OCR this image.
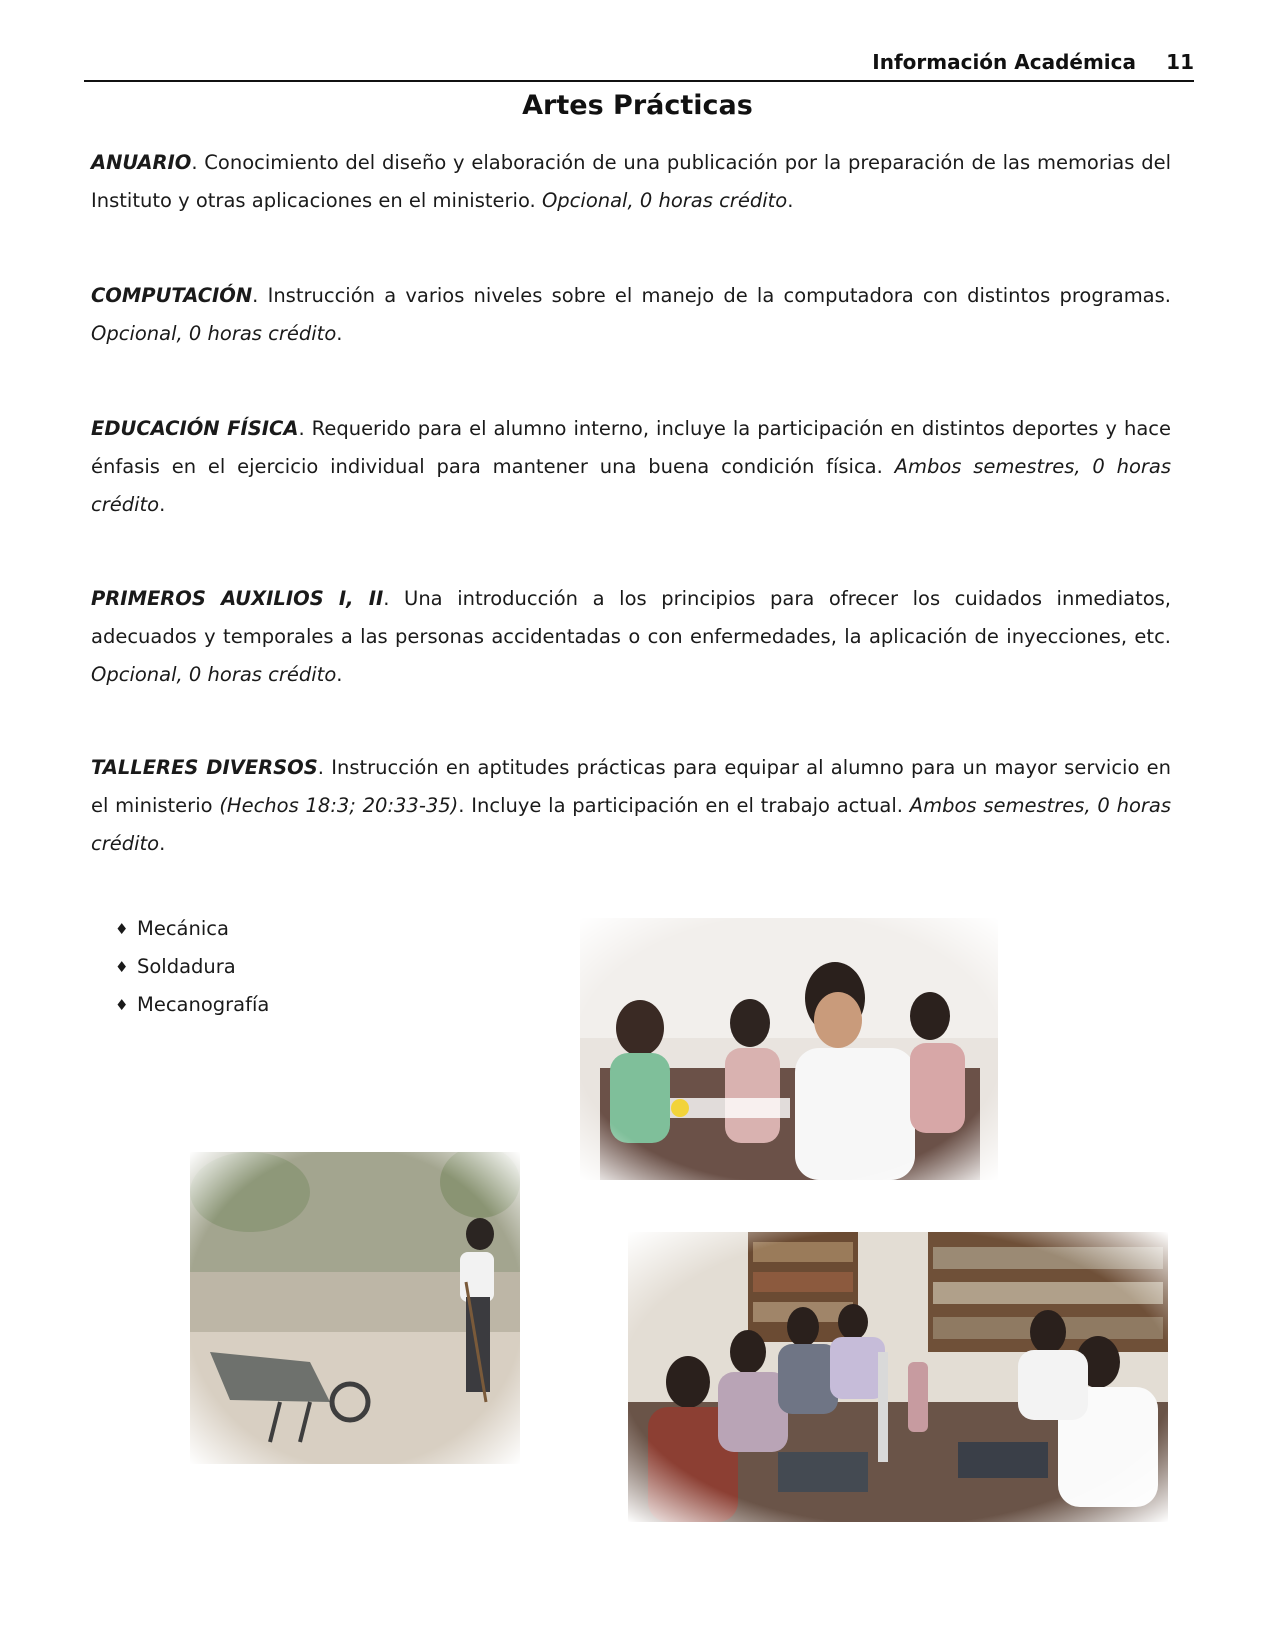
Información Académica 11
Artes Prácticas

ANUARIO. Conocimiento del diseño y elaboración de una publicación por la preparación de las memorias del Instituto y otras aplicaciones en el ministerio. Opcional, 0 horas crédito.

COMPUTACIÓN. Instrucción a varios niveles sobre el manejo de la computadora con distintos programas. Opcional, 0 horas crédito.

EDUCACIÓN FÍSICA. Requerido para el alumno interno, incluye la participación en distintos deportes y hace énfasis en el ejercicio individual para mantener una buena condición física. Ambos semestres, 0 horas crédito.

PRIMEROS AUXILIOS I, II. Una introducción a los principios para ofrecer los cuidados inmediatos, adecuados y temporales a las personas accidentadas o con enfermedades, la aplicación de inyecciones, etc. Opcional, 0 horas crédito.

TALLERES DIVERSOS. Instrucción en aptitudes prácticas para equipar al alumno para un mayor servicio en el ministerio (Hechos 18:3; 20:33-35). Incluye la participación en el trabajo actual. Ambos semestres, 0 horas crédito.

♦ Mecánica
♦ Soldadura
♦ Mecanografía
